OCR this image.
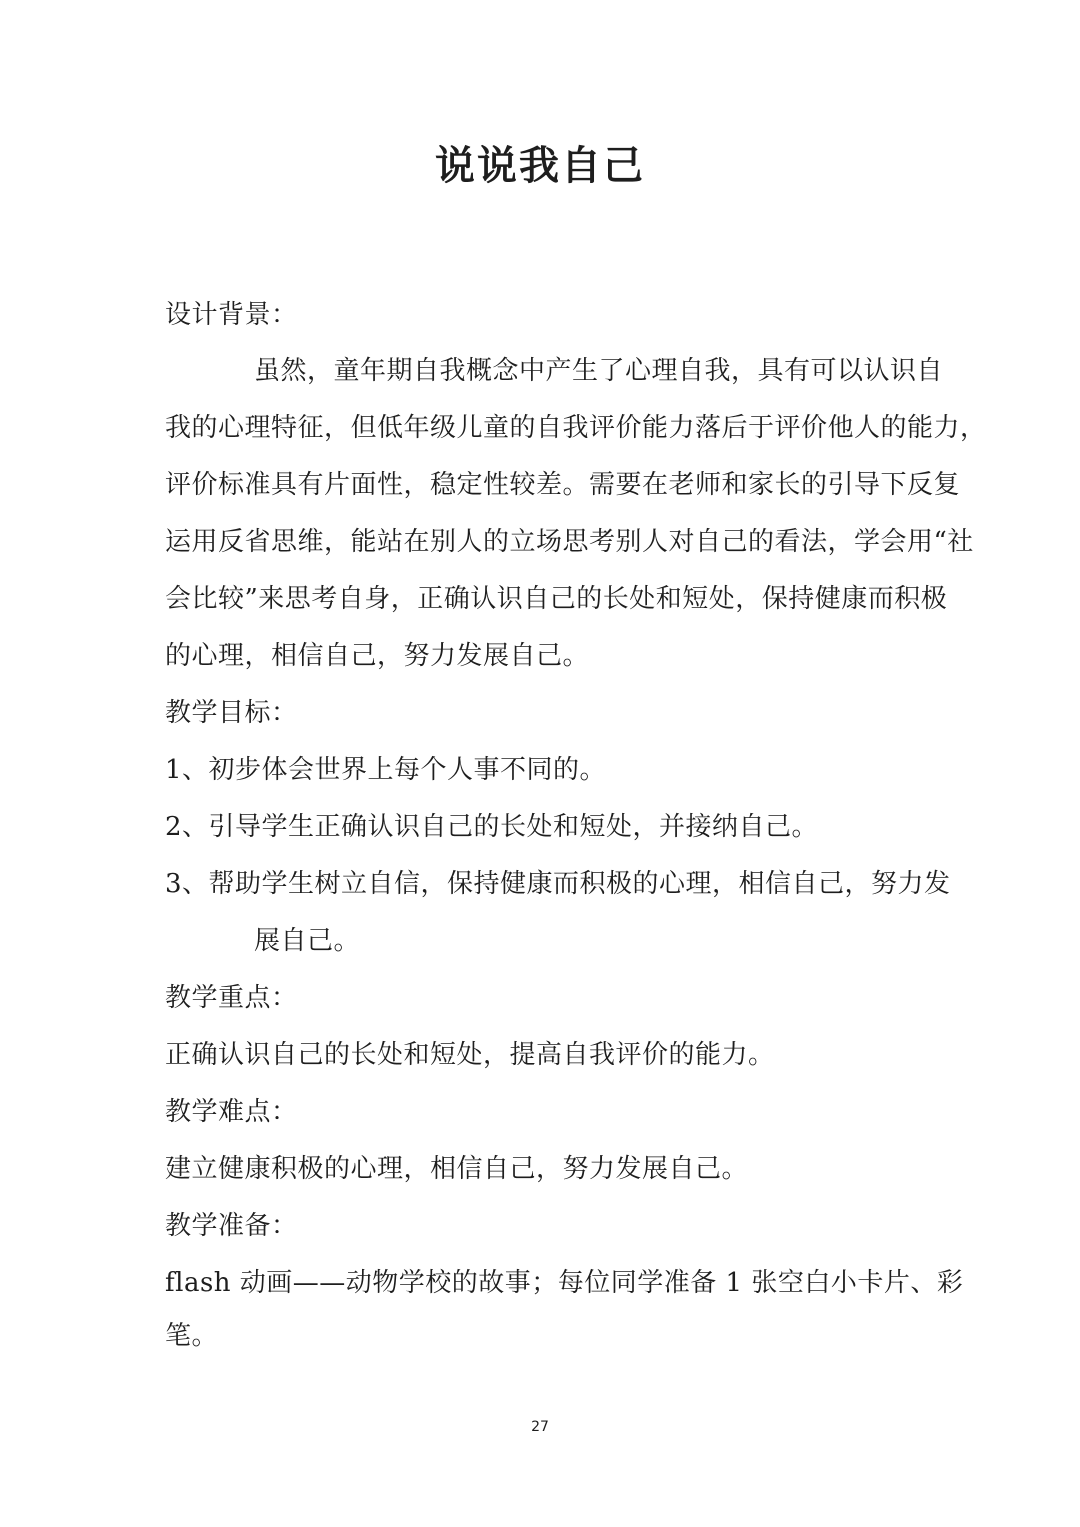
说说我自己
设计背景：
虽然，童年期自我概念中产生了心理自我，具有可以认识自
我的心理特征，但低年级儿童的自我评价能力落后于评价他人的能力，
评价标准具有片面性，稳定性较差。需要在老师和家长的引导下反复
运用反省思维，能站在别人的立场思考别人对自己的看法，学会用“社
会比较”来思考自身，正确认识自己的长处和短处，保持健康而积极
的心理，相信自己，努力发展自己。
教学目标：
1、初步体会世界上每个人事不同的。
2、引导学生正确认识自己的长处和短处，并接纳自己。
3、帮助学生树立自信，保持健康而积极的心理，相信自己，努力发
展自己。
教学重点：
正确认识自己的长处和短处，提高自我评价的能力。
教学难点：
建立健康积极的心理，相信自己，努力发展自己。
教学准备：
flash 动画——动物学校的故事；每位同学准备 1 张空白小卡片、彩
笔。
27
